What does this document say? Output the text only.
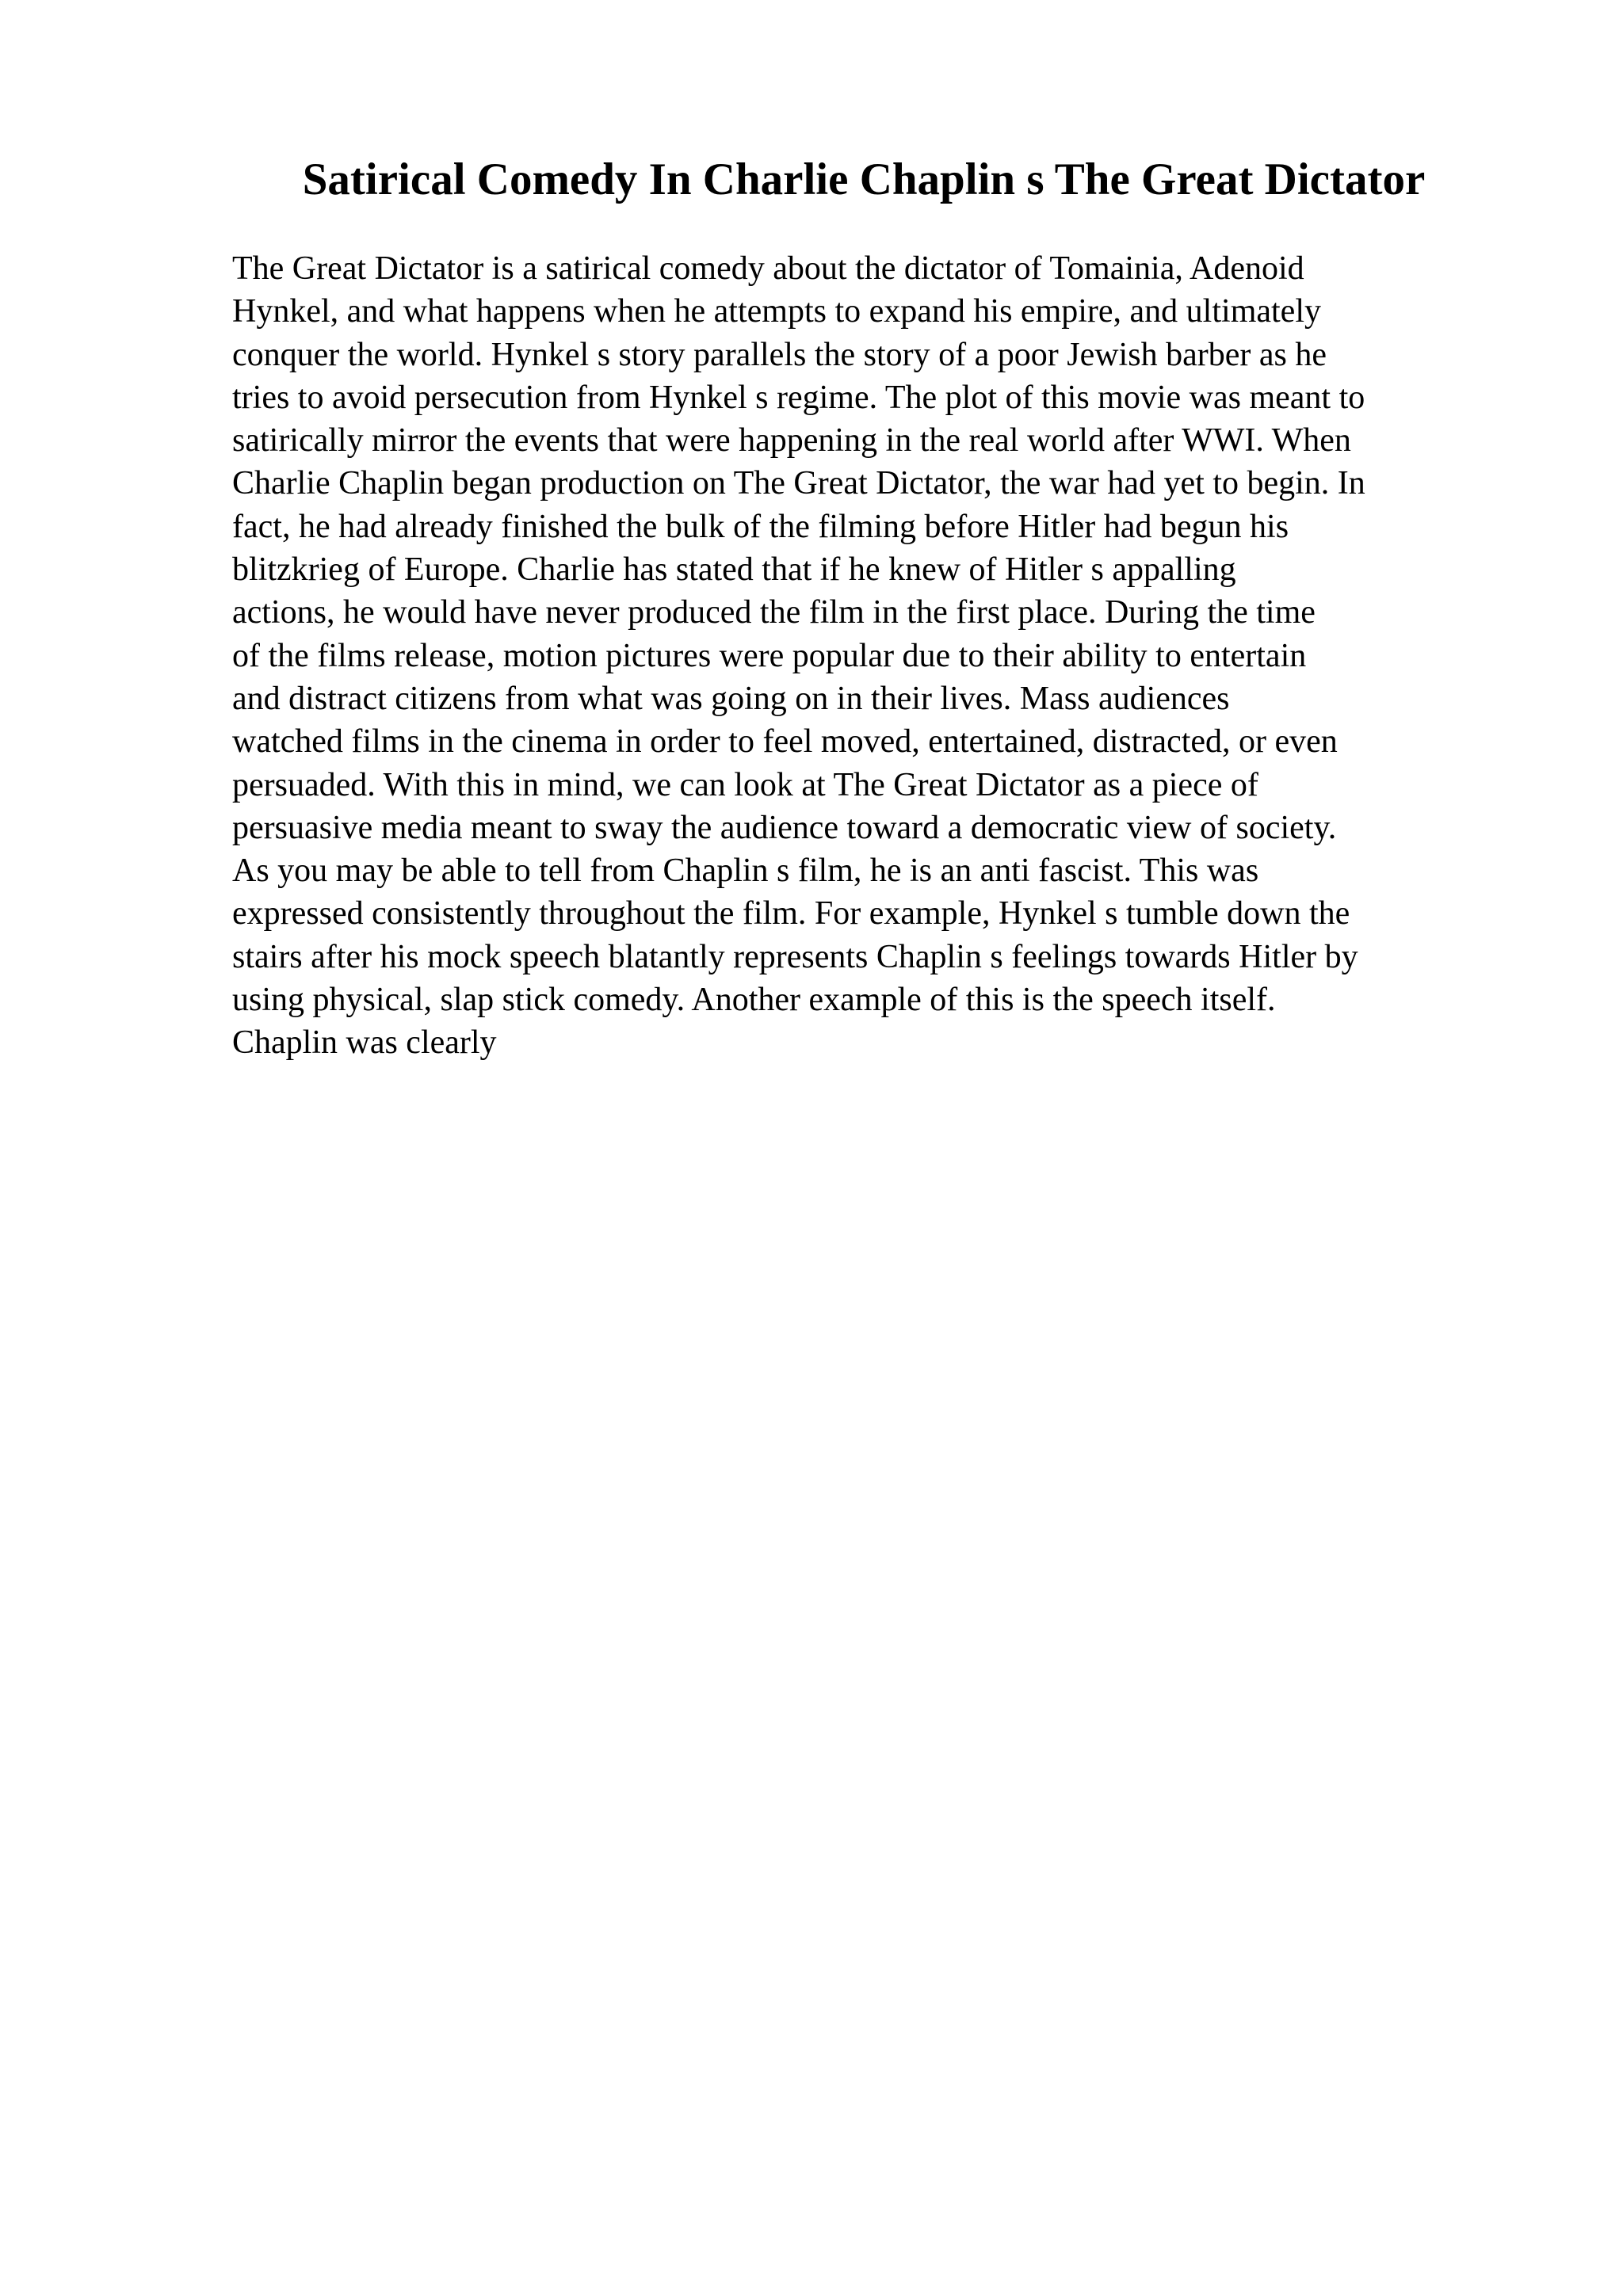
Satirical Comedy In Charlie Chaplin s The Great Dictator

The Great Dictator is a satirical comedy about the dictator of Tomainia, Adenoid
Hynkel, and what happens when he attempts to expand his empire, and ultimately
conquer the world. Hynkel s story parallels the story of a poor Jewish barber as he
tries to avoid persecution from Hynkel s regime. The plot of this movie was meant to
satirically mirror the events that were happening in the real world after WWI. When
Charlie Chaplin began production on The Great Dictator, the war had yet to begin. In
fact, he had already finished the bulk of the filming before Hitler had begun his
blitzkrieg of Europe. Charlie has stated that if he knew of Hitler s appalling
actions, he would have never produced the film in the first place. During the time
of the films release, motion pictures were popular due to their ability to entertain
and distract citizens from what was going on in their lives. Mass audiences
watched films in the cinema in order to feel moved, entertained, distracted, or even
persuaded. With this in mind, we can look at The Great Dictator as a piece of
persuasive media meant to sway the audience toward a democratic view of society.
As you may be able to tell from Chaplin s film, he is an anti fascist. This was
expressed consistently throughout the film. For example, Hynkel s tumble down the
stairs after his mock speech blatantly represents Chaplin s feelings towards Hitler by
using physical, slap stick comedy. Another example of this is the speech itself.
Chaplin was clearly
